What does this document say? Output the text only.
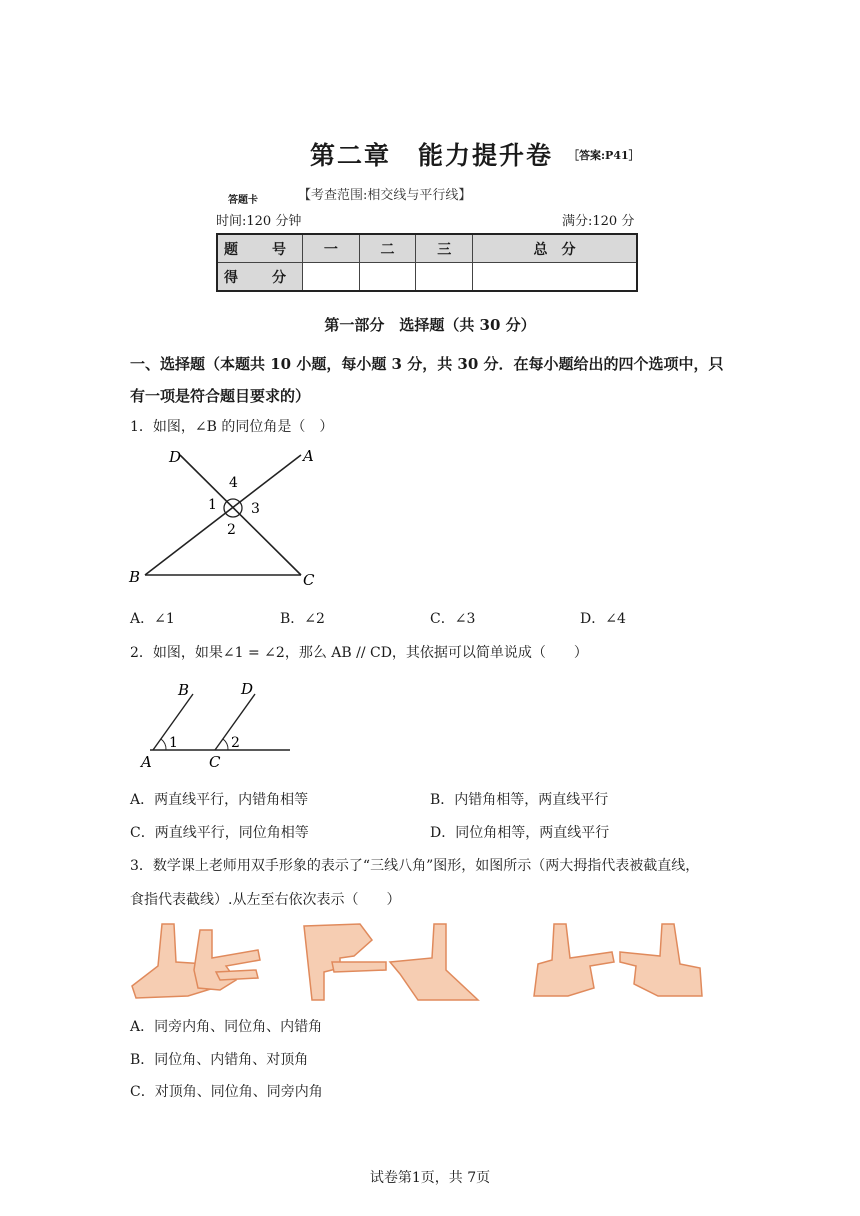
第二章　能力提升卷 ［答案:P41］
【考查范围:相交线与平行线】
答题卡
时间:120 分钟	满分:120 分
题　号	一	二	三	总　分
得　分				
第一部分　选择题（共 30 分）
一、选择题（本题共 10 小题，每小题 3 分，共 30 分．在每小题给出的四个选项中，只有一项是符合题目要求的）
1．如图，∠B 的同位角是（　）
D	A
B	C
1
2
3
4
A．∠1	B．∠2	C．∠3	D．∠4
2．如图，如果∠1 = ∠2，那么 AB // CD，其依据可以简单说成（　　）
B	D
A	C
1	2
A．两直线平行，内错角相等	B．内错角相等，两直线平行
C．两直线平行，同位角相等	D．同位角相等，两直线平行
3．数学课上老师用双手形象的表示了“三线八角”图形，如图所示（两大拇指代表被截直线，
食指代表截线）.从左至右依次表示（　　）
A．同旁内角、同位角、内错角
B．同位角、内错角、对顶角
C．对顶角、同位角、同旁内角
试卷第1页，共 7页
